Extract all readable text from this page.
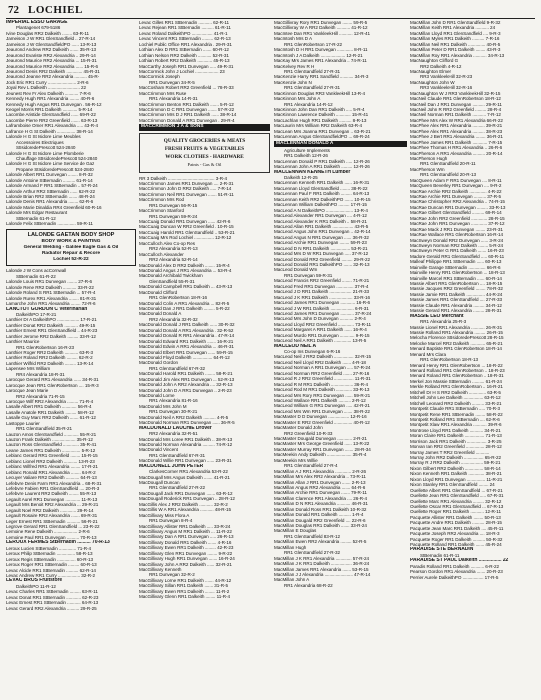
72 LOCHIEL
IMPERIAL ESSO GARAGE
Plantagenet 679-5186
Ivine Douglas RR2 Dalkeith ........ 63-R-11
Jameison J W RR1 GlenSandfield .. 27-R-14
Jameison J W GlenSandfieldPO ...... 13-R-13
Jeaurond Andrew RR2 Dalkeith ....... 35-R-13
Jeaurond Evariste RR2 Alexandria .. 29-R-14
Jeaurond Maurice RR2 Alexandria ... 15-R-31
Jeaurond Maurice RR2 Alexandria ...... 15-R-6
Jeaurond Denis RR2 Dalkeith ............. 45-R-31
Jeaurond Jeanne RR2 Alexandria .......... 45-R-
Jock Eric RR1 Curry ....................... 2-R-6
Joyal Rev L Dalkeith .......................... 22
Jeunest Rev Fr Alex Dalkeith ........... 7-R-6
Kennedy Hugh RR1 Alexandria ........ 40-R-6
Kennedy Hugh Angus RR1 Dunvegan . 56-R-12
Keogel Morris RR1 Dalkeith ............ 5-R-14
Lacombe Aristide GlenSandfield ...... 69-R-22
Lacombe Pierre RR2 Greenfield ....... 63-R-13
Laframboise Omer RR1 Alexandria ..... 43-R-4
Lafrance H G St Dalkeith ............... 38-R-14
Lalonde H G St Isidore Lime Meubles
Accessoires Electriques
StIsidoredePrescott 524-2840
Lalonde H G St Isidore Lime Plomberie
Chauffage StIsidoredePrescott 524-2840
Lalonde H G St Isidore Lime Service de Gaz
Propane StIsidoredePrescott 524-2840
Lalonde Albert RR1 Dunvegan ........ 8-R-32
Lalonde Antoine StBernadin .......... 61-R-14
Lalonde Armand F RR1 StBernadin .. 57-R-24
Lalonde Arthur RR2 StBernadin ...... 62-R-22
Lalonde Brian RR2 StBernadin ....... 48-R-24
Lalonde Denis RR1 Alexandria ........ 62-R-6
Lalonde Marie Dinaldia RR4 Greenfield 60-R-16
Lalonde Mrs Edgar Restaurant
StBernadin 61-R-12
Lalonde Felix StBernadin ............... 59-R-11
LALONDE GAETAN BODY SHOP
BODY WORK & PAINTING
General Welding - Galilee Eagle Gas & Oil
Radiator Repair & Recore
Lochiel 52-R-22
Lalonde J W Cons acCornwall
StBernadin 61-R-22
Lalonde Louis RR1 Dunvegan ........ 27-R-6
Lalonde Rene RR2 Dalkeith ........... 33-R-22
Lalonde Roland S RR1 StBernadin ... 57-R-4
Lalonde Rurex RR1 Alexandria ........ 81-R-31
Lamarche John RR1 Alexandria ........ 72-R-6
LANCTOT GORDON C Veterinarian
DalkeithPO 17-R-21
Lanthier Dr A DalkeithPO .................. 17-R-21
Lanthier Donat RR2 Dalkeith ........... 49-R-15
Lanthier Ernest RR1 GlenSandfield .. 44-R-23
Lanthier Jerome RR2 Dalkeith ......... 33-R-12
Lanthier Maurice
RR1 GlenRobertson 16-R-23
Lanthier Roger RR2 Dalkeith ........... 63-R-3
Lanthier Roland RR2 Dalkeith ......... 62-R-2
Lanthier Wilfrid RR2 Dalkeith ......... 13-R-14
Lapensee Mrs William
RR4 Alexandria 18-R-31
Larocque Gerard RR1 Alexandria ...... 34-R-31
Larocque Jean RR1 GlenRobertson .... 15-R-3
Larocque Jean Marie
RR2 Alexandria 71-R-15
Larocque Wilf RR2 Alexandria ......... 71-R-4
Lasalle Albert RR1 Dalkeith ............ 56-R-4
Lasalle Anatole RR1 Dalkeith ......... 58-R-12
Lasalle Guy Marc RR2 Dalkeith ....... 61-R-12
Lastoppe Laurier
RR1 GlenSandfield 35-R-21
Lauzon Amos GlenSandfield ............ 55-R-21
Lauzon Frank Dalkeith ................... 35-R-12
Lauzon Ross GlenSandfield ............. 35-R-41
Leane James RR1 Dalkeith ............... 5-R-12
Leblanc Gerard RR1 Greenfield ........ 15-R-15
Leblanc Lionel RR2 Dalkeith ........... 13-R-23
Leblanc Wilfred RR1 Alexandria ........ 17-R-21
Leblanc Ronald RR1 Alexandria ........ 64-R-2
Lecuyer Valiare RR2 Dalkeith ........... 64-R-13
Lefebvre Denis Farm RR1 Alexandria .. 68-R-31
Lefebvre Fabien RR1 GlenSandfield .... 20-R-3
Lefebvre Laurent RR2 Dalkeith ........ 55-R-13
Legault Aurel RR1 Dunvegan ............ 11-R-13
Legault Mrs Benoit RR2 Alexandria ... 29-R-21
Legault Noel RR2 Dalkeith ............. 29-R-14
Legault Rosaire RR2 Alexandria ....... 69-R-31
Leger Ernest RR1 StBernadin ........... 56-R-21
Legrove Gerard RR1 GlenSandfield ... 23-R-22
Lemoine Rene Dalkeith ................... 2-R-6
Lemoine Paul RR1 Dunvegan .......... 70-R-13
LEROUX FERMES StBernadin .......... 70-R-13
Leroux Lucien StBernadin .............. 71-R-4
Leroux Philip StBernadin ............... 58-R-13
Leroux Regis StBernadin ............... 60-R-13
Leroux Roger RR1 StBernadin ......... 60-R-13
Levac Alcide RR1 StBernadin .......... 62-R-14
Levac Andrew RR1 Curry .................. 32-R-2
LEVAC BROS Fruitstore
DalkeithPO 11-R-12
Levac Charles RR1 StBernadin ......... 63-R-11
Levac Donat RR1 StBernadin ............ 62-R-23
Levac Ernest RR1 StBernadin ........... 64-R-13
Levac Gerard RR2 Alexandria .......... 29-R-25
Levac Gilles RR1 StBernadin ........... 62-R-11
Levac Rejean RR1 StBernadin .......... 61-R-11
Levac Roland DalkeithPO ................. 41-R-1
Levac Vincent RR1 StBernadin ......... 62-R-13
Lochiel Public Office RR1 Alexandria . 29-R-31
Lothian Alex D RR1 StBernadin ....... 60-R-12
Lothian Nelson RR2 Dalkeith ........... 52-R-31
Lothian Robert RR2 Dalkeith ............ 45-R-13
MacCarthy Joseph RR1 Dunvegan ..... 49-R-31
MacCormick John J Lochiel ................... 23
MacCormick Joseph
RR1 Dunvegan 34-R-5
MacCosham Robert RR2 Greenfield ... 78-R-33
MacCrimmon Mrs Ruse
RR1 Alexandria 14-R-31
MacCrimmon Benton RR1 Dalkeith ....... 5-R-12
MacCrimmon D C RR1 Dunvegan ....... 57-R-22
MacCrimmon Mrs D J RR1 Dalkeith ...... 38-R-14
MacCrimmon Donald A RR1 Dunvegan . 29-R-4
MACCRIMMON J A & SONS
QUALITY GROCERIES & MEATS
FRESH FRUITS & VEGETABLES
WORK CLOTHES - HARDWARE
Paints - Gas & Oil
RR 3 Dalkeith ...................................... 3-R-4
MacCrimmon James RR1 Dunvegan .... 2-R-31
MacCrimmon John D RR2 Dalkeith ..... 7-R-14
MacCrimmon Neil RR1 Dunvegan ....... 51-R-11
MacCrimmon Mrs Rod
RR1 Dunvegan 56-R-15
MacCrimmon Stanford
RR1 Dunvegan 59-R-24
MacCuaig Donald RR1 Dunvegan ...... 42-R-6
MacCuaig Duncan W RR2 Greenfield . 10-R-15
MacCuaig Harold RR1 GlenSandfield .. 53-R-21
MacCuaig Mrs Rod Lochiel ................ 12-R-12
MacCulloch Alex Co-op Res
RR2 Alexandria 52-R-13
MacCulloch Alexander
RR2 Alexandria 52-R-14
MacDonald Alex D RR2 Dalkeith ........ 15-R-4
MacDonald Angus J RR1 Alexandria ... 53-R-4
MacDonald Archibald Twickham
GlenSandfield 55-R-31
MacDonald Campbell RR1 Dalkeith ... 43-R-13
MacDonald Clifford
RR1 GlenRobertson 18-R-16
MacDonald Colin A RR1 Alexandria ... 82-R-5
MacDonald Dan J RR1 Dalkeith ......... 5-R-22
MacDonald Donald A
RR2 Alexandria 32-R-32
MacDonald Donald J RR1 Dalkeith ...... 30-R-32
MacDonald Donald A RR1 Alexandria . 32-R-52
MacDonald Donald R RR1 Alexandria . 47-R-14
MacDonald Edward RR1 Dalkeith ....... 16-R-21
MacDonald Edwin A RR1 Alexandria ... 46-R-31
MacDonald Elbert RR1 Dunvegan ...... 59-R-15
MacDonald Floyd Dalkeith ................ 64-R-12
MacDonald Gordon
RR1 GlenSandfield 67-R-32
MacDonald Harold RR1 Dalkeith ........ 58-R-21
MacDonald Jim Alex RR1 Dunvegan ... 52-R-13
MacDonald John A RR2 Alexandria .... 32-R-13
MacDonald John D A RR1 Dunvegan .. 2-R-23
MacDonald Lorne
RR1 Alexandria 81-R-16
MacDonald Mrs John M
RR1 Dunvegan 30-R-21
MacDonald Neil A RR2 Dalkeith .......... 4-R-5
MacDonald Norman RR1 Dunvegan ...... 36-R-5
MACDONALD LAUCHIE Drover
RR2 Alexandria 32-R-51
MacDonald Mrs Loree RR1 Dalkeith .. 38-R-13
MacDonald Norman Alexandria .......... 74-R-12
MacDonald Vincent
RR1 GlenSandfield 67-R-31
MacDonald Willie RR1 Dunvegan ...... 23-R-31
MACDONELL JOHN PETER
ClarkesCorner RR1 Alexandria 53-R-22
MacDougall Mrs Angus Dalkeith ....... 41-R-21
MacDougall Duncan
RR1 GlenSandfield 27-R-22
MacDougall Jack RR1 Dunvegan ....... 63-R-12
MacDougall Roderick RR1 Dunvegan .. 28-R-12
MacGillis Alex J RR2 Dalkeith ........... 32-R-2
MacGillis W A RR1 Alexandria ........... 48-R-15
MacGillivary Miss Flora A
RR1 Dunvegan 8-R-4
MacGillivary Allister RR1 Dalkeith ..... 33-R-24
MacGillivary Angus M RR1 Dalkeith ... 11-R-22
MacGillivary Dan A RR1 Dunvegan ..... 26-R-13
MacGillivary Donald RR1 Dalkeith ....... 4-R-16
MacGillivary Ewen RR1 Dalkeith ......... 42-R-23
MacGillivary Glen RR1 Dunvegan ........ 9-R-22
MacGillivary Hugh RR1 Dunvegan ....... 16-R-24
MacGillivary John A RR2 Dalkeith ...... 32-R-21
MacGillivary Kenneth
RR1 Dunvegan 32-R-2
MacGillivary Lorne RR1 Dalkeith ....... 44-R-12
MacGillivary Sillan RR1 Dalkeith ....... 31-R-5
MacGillivary Ewen RR1 Dalkeith ........ 11-R-2
MacGillivary Glenn RR1 Dalkeith ........ 11-R-4
MacGillivray Rory RR1 Dunvegan ........ 59-R-5
MacGillivray W A RR2 Dalkeith ........... 41-R-12
MacIntee Dan RR1 VankleekHill ........... 12-R-41
MacIntosh Mrs D A
RR1 GlenRobertson 17-R-22
MacIntosh D H RR1 Dunvegan ............. 8-R-11
MacIntosh J A Dalkeith .................... 12-R-21
MacKay Mrs James RR1 Alexandria .. 74-R-11
MacKelvey Rev R H
RR1 GlenSandfield 27-R-31
MacKenzie Harry RR1 Sandfield ........... 34-R-3
MacKenzie John N
RR1 GlenSandfield 27-R-31
MacKinnon Douglas RR3 VankleekHill 13-R-4
MacKinnon Mrs John A
RR1 Alexandria 14-R-12
MacKinnon John Dan RR1 Dalkeith ..... 5-R-4
MacKinnon Lawrence Dalkeith ............ 15-R-41
MacLachlan Hugh RR1 Dalkeith .......... 8-R-13
MacLaurin Mrs William RR2 Dalkeith 63-R-4
MacLean Mrs Joanna RR1 Dunvegan .. 63-R-21
MacLennan Angus GlenSandfieldPO ... 69-R-24
MACLENNAN DONALD A
Agriculture Implements
RR1 Dalkeith 12-R-26
MacLennan Donald P RR1 Dalkeith ..... 12-R-26
MacLennan John A RR1 Dalkeith ......... 12-R-26
MACLENNAN KENNETH Lumber
Dalkeith 12-R-25
MacLennan Kenneth RR1 Dalkeith ...... 16-R-31
MacLennan Lloyd GlenSandfield ........ 38-R-22
MacLennan Paul F RR1 Dalkeith ......... 64-R-13
MacLennan Keith RR2 DalkeithPO ....... 10-R-15
MacLennan William DalkeithPO ......... 17-R-15
MacLeod A N DalkeithPO ...................... 13-R-4
MacLeod Alexander RR1 Dunvegan .... 4-R-12
MacLeod Alexander K RR1 Dalkeith .. 58-R-21
MacLeod Allan RR1 Dalkeith ................. 43-R-5
MacLeod Angus John RR1 Dunvegan .. 42-R-14
MacLeod Angus N RR1 Dunvegan ...... 36-R-32
MacLeod Archie RR1 Dunvegan ........ 59-R-23
MacLeod D N RR1 Dalkeith ................ 53-R-21
MacLeod Mrs D W RR1 Dunvegan ..... 37-R-12
MacLeod Donald RR2 Greenfield ......... 29-R-22
MacLeod Donald RR1 DalkeithPO ....... 32-R-13
MacLeod Donald Wm
RR1 Dunvegan 59-R-31
MacLeod Francis RR2 Greenfield ........ 71-R-21
MacLeod Fred RR1 Dunvegan .............. 37-R-4
MacLeod J D RR1 Dalkeith .................. 21-R-33
MacLeod J K RR1 Dalkeith ................... 33-R-16
MacLeod James RR1 Dunvegan ............ 16-R-6
MacLeod J W RR1 Dalkeith ................... 6-R-31
MacLeod James RR1 Dunvegan ........... 37-R-24
MacLeod Mrs John D Dunvegan ........... 2-R-4
MacLeod Lloyd RR2 Greenfield ............. 73-R-11
MacLeod Margaret A RR1 Dalkeith ...... 16-R-4
MacLeod Murdo RR1 Dunvegan ............ 9-R-15
MacLeod Neil A RR1 Dalkeith .............. 13-R-5
MACLEOD NEIL A
Co-op Ins Dunvegan 6-R-16
MacLeod Neil J RR2 Dalkeith ................ 32-R-15
MacLeod Neil Lloyd RR2 Dalkeith ....... 4-R-18
MacLeod Norman A RR1 Dunvegan ..... 57-R-24
MacLeod Norman RR2 Greenfield ....... 27-R-16
MacLeod R J RR2 Greenfield ................ 11-R-31
MacLeod R M RR1 Dalkeith .................. 36-R-4
MacLeod Rod M RR1 Dalkeith ............. 33-R-13
MacLeod Mrs Rory RR1 Dunvegan ...... 59-R-21
MacLeod Wallace RR1 Dalkeith .......... 2-R-12
MacLeod William G RR1 Dunvegan ..... 42-R-21
MacLeod Mrs Wm RR1 Dunvegan ....... 38-R-22
MacMaster D D Dunvegan ................. 12-R-16
MacMaster E RR2 Greenfield ............... 40-R-12
MacMaster Donald John
RR2 Greenfield 10-R-33
MacMaster Dougald Dunvegan ............ 2-R-21
MacMaster Mrs George Greenfield ...... 13-R-22
MacMaster Murray RR1 Dunvegan ....... 28-R-34
MacMeekin Andy Dalkeith .................... 35-R-4
MacMeekin Mrs Willie
RR1 GlenSandfield 27-R-4
MacMillan A J RR1 Alexandria ............. 2-R-26
MacMillan Mrs Alex RR2 Alexandria .. 73-R-11
MacMillan Allan J RR1 Dunvegan ....... 2-R-13
MacMillan Angus RR2 Alexandria ....... 64-R-6
MacMillan Archie RR1 Dunvegan ....... 79-R-11
MacMillan Clarence RR1 Alexandria .... 26-R-4
MacMillan D N RR1 Alexandria ........... 46-R-31
MacMillan Donald Ross RR1 Dalkeith 10-R-32
MacMillan Donald RR1 Dalkeith .......... 1-R-4
MacMillan Dougald RR2 Greenfield .... 22-R-6
MacMillan Douglas RR1 Dalkeith ....... 33-R-24
MacMillan E Douglas
RR1 GlenSandfield 83-R-12
MacMillan Ewen RR2 Alexandria ......... 52-R-5
MacMillan Hugh
RR1 GlenSandfield 27-R-32
MacMillan J K RR1 Alexandria ............. 57-R-24
MacMillan J K RR1 Dalkeith ................. 36-R-24
MacMillan James RR1 Alexandria ....... 53-R-15
MacMillan J J Alexandria ....................... 47-R-14
MacMillan John A
RR1 Alexandria 68-R-22
MacMillan John D RR1 GlenSandfield 9-R-32
MacMillan Keith RR1 Alexandria ........... 24
MacMillan Lloyd RR1 GlenSandfield .... 9-R-3
MacMillan Myles RR1 Dalkeith .......... 7-R-16
MacMillan Neil RR1 Dalkeith .............. 40-R-5
MacMillan Peter D RR1 Dalkeith ........ 43-R-3
MacMillan Roy RR1 Alexandria ........... 34-R-13
MacNaughton Clifford G
RR2 Dalkeith 4-R-12
MacNaughton Elmer
RR3 VankleekHill 32-R-23
MacNaughton John W
RR3 VankleekHill 32-R-16
MacNaughton W J RR3 VankleekHill 32-R-15
MacNeil Claude RR1 GlenRobertson 18-R-12
MacNeil Dan J RR1 Dunvegan .......... 29-R-11
MacNeil John R RR2 Greenfield ......... 28-R-4
MacNeil Norman RR1 Dalkeith ........... 7-R-12
MacPhee Mrs Alex W RR1 Alexandria 66-R-22
MacPhee Alex RR1 Alexandria .......... 39-R-21
MacPhee Alex RR1 Alexandria .......... 38-R-23
MacPhee J Bert RR1 Alexandria ........ 36-R-21
MacPhee James RR1 Dalkeith ............ 7-R-15
MacPhee Thomas H RR1 Alexandria .. 26-R-6
MacPherson A RR1 Alexandria .......... 20-R-14
MacPherson Hugh
RR1 GlenSandfield 20-R-11
MacPherson Wm
RR1 GlenSandfield 20-R-13
MacQueen Adam F RR1 Dunvegan .... 8-R-11
MacQueen Beverley RR1 Dunvegan .... 9-R-2
MacRae Archie RR2 Dalkeith .............. 4-R-22
MacRae Archie RR1 Dunvegan .......... 37-R-5
MacRae Christopher RR2 Alexandria .. 74-R-15
MacRae Duncan RR1 Dunvegan ......... 33-R-13
MacRae Gilbert GlenSandfield .......... 69-R-14
MacRae John RR2 Greenfield ............. 28-R-15
MacRae John RR1 Dunvegan ............. 37-R-12
MacRae Mack J RR1 Dunvegan ........ 23-R-31
MacRae Wallace RR1 GlenRobertson 16-R-14
MacSweyn Donald RR2 Dunvegan ...... 3-R-24
MacSweyn Norman RR2 Dalkeith ........ 5-R-24
MacSweyn Peter G RR1 Dalkeith ....... 16-R-23
Madore Gerald RR1 GlenSandfield ..... 60-R-11
Malleaf Philippe RR1 StBernadin ...... 60-R-13
Mainville Garage StBernadin .............. 66-R-6
Mainville Henry RR1 GlenRobertson ... 18-R-13
Mainville Marcel RR1 StBernadin ...... 60-R-14
Massie Albert RR1 GlenRobertson .... 18-R-15
Massie Jacques RR2 Greenfield ........ 78-R-32
Massie Jamie RR1 Dalkeith ............... 44-R-24
Massie James RR1 GlenSandfield .... 27-R-33
Massie Claude RR1 Alexandria ......... 34-R-12
Massie Gerard RR1 Alexandria ......... 28-R-31
MASSIE LEO Merchant
RR1 Alexandria 25-R-3
Massie Lionel RR1 Alexandria ........... 26-R-31
Massie Rolland RR1 Alexandria ......... 26-R-15
Melocha Florence StIsidoredePrescott 28-R-15
Melocke Marcel RR2 Dalkeith ............ 65-R-21
Menard Baptiste RR1 GlenRobertson 18-R-14
Menard Mrs Clara
RR1 GlenRobertson 18-R-13
Menard Henry RR1 GlenRobertson ... 18-R-22
Menard Rolland RR1 GlenRobertson .. 18-R-23
Menard Roland RR1 GlenRobertson .. 18-R-31
Merkel Jon Massie StBernadin .......... 61-R-24
Merkle Rolland RR1 GlenRobertson .. 16-R-21
Mitchell Dr H S RR2 Dalkeith .............. 63-R-5
Mitchell John Lee Dalkeith ................ 63-R-12
Mitchell Leonard RR2 Dalkeith .......... 33-R-21
Montpetit Claude RR1 StBernadin ..... 70-R-3
Montpetit Rene RR1 StBernadin ........ 58-R-22
Montpetit Rolland RR1 StBernadin .... 62-R-6
Montpetit Xlaw RR1 Alexandria ........... 39-R-6
Montrose Lloyd RR1 Dalkeith ........... 34-R-21
Moran Claire RR1 Dalkeith ................ 71-R-13
Morrison Jack RR1 Dalkeith ................ 3-R-25
Morvan Ian RR2 Greenfield ............... 28-R-12
Murray James T RR2 Greenfield ...........
Murray John RR2 Dalkeith ................ 65-R-22
Murray R J RR2 Dalkeith .................. 59-R-21
Nixon Gilbert RR2 Dalkeith ............... 58-R-14
Nixon Kenneth RR1 Dalkeith ............. 38-R-21
Nixon Lloyd RR1 Dunvegan ............... 11-R-21
Nixon Stanley RR1 GlenSandfield ........ 24
Ouellette Albert RR1 GlenSandfield ... 67-R-21
Ouellette Jean RR1 GlenSandfield ..... 67-R-31
Ouellette Marc RR1 Alexandria ......... 32-R-12
Ouellette Oscar RR1 GlenSandfield ... 67-R-13
Ouellette Roger RR1 Dalkeith ........... 12-R-11
Pacquette Allister RR1 Dalkeith ........ 50-R-13
Pacquette Andre RR1 Dalkeith .......... 28-R-15
Pacquette Jean Marc RR1 Dalkeith .... 45-R-11
Pacquette Joseph RR2 Alexandria .... 18-R-3
Pacquette Roger RR1 Dalkeith .......... 50-R-32
Pacquette Rolland RR1 Dalkeith ....... 45-R-24
PARADISE STE BERNADIN
StBernadin 61-R-11
PARADISE ST PAUL Dalkeith ................. 22
Paradis Rolland RR1 Dalkeith ........... 6-R-22
Pearson Gordon RR1 Alexandria ....... 20-R-23
Perrier Aurele DalkeithPO ................. 17-R-5
